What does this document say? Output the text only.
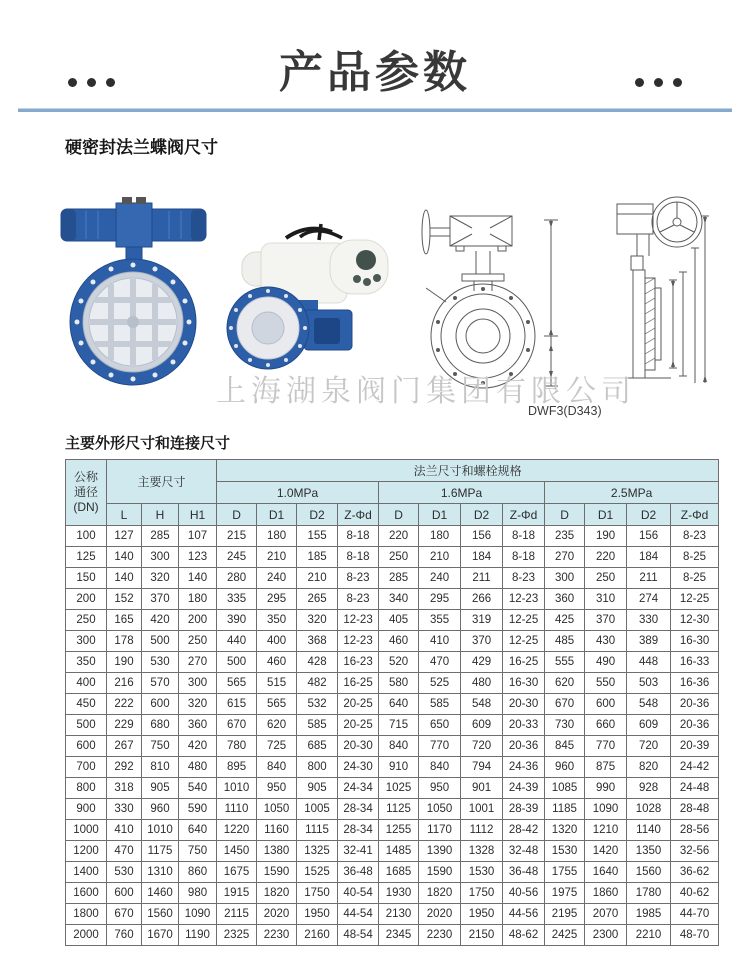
产品参数
硬密封法兰蝶阀尺寸
上海湖泉阀门集团有限公司
DWF3(D343)
主要外形尺寸和连接尺寸
公称
通径
(DN)	主要尺寸			法兰尺寸和螺栓规格											
				1.0MPa				1.6MPa				2.5MPa			
	L	H	H1	D	D1	D2	Z-Φd	D	D1	D2	Z-Φd	D	D1	D2	Z-Φd
100	127	285	107	215	180	155	8-18	220	180	156	8-18	235	190	156	8-23
125	140	300	123	245	210	185	8-18	250	210	184	8-18	270	220	184	8-25
150	140	320	140	280	240	210	8-23	285	240	211	8-23	300	250	211	8-25
200	152	370	180	335	295	265	8-23	340	295	266	12-23	360	310	274	12-25
250	165	420	200	390	350	320	12-23	405	355	319	12-25	425	370	330	12-30
300	178	500	250	440	400	368	12-23	460	410	370	12-25	485	430	389	16-30
350	190	530	270	500	460	428	16-23	520	470	429	16-25	555	490	448	16-33
400	216	570	300	565	515	482	16-25	580	525	480	16-30	620	550	503	16-36
450	222	600	320	615	565	532	20-25	640	585	548	20-30	670	600	548	20-36
500	229	680	360	670	620	585	20-25	715	650	609	20-33	730	660	609	20-36
600	267	750	420	780	725	685	20-30	840	770	720	20-36	845	770	720	20-39
700	292	810	480	895	840	800	24-30	910	840	794	24-36	960	875	820	24-42
800	318	905	540	1010	950	905	24-34	1025	950	901	24-39	1085	990	928	24-48
900	330	960	590	1110	1050	1005	28-34	1125	1050	1001	28-39	1185	1090	1028	28-48
1000	410	1010	640	1220	1160	1115	28-34	1255	1170	1112	28-42	1320	1210	1140	28-56
1200	470	1175	750	1450	1380	1325	32-41	1485	1390	1328	32-48	1530	1420	1350	32-56
1400	530	1310	860	1675	1590	1525	36-48	1685	1590	1530	36-48	1755	1640	1560	36-62
1600	600	1460	980	1915	1820	1750	40-54	1930	1820	1750	40-56	1975	1860	1780	40-62
1800	670	1560	1090	2115	2020	1950	44-54	2130	2020	1950	44-56	2195	2070	1985	44-70
2000	760	1670	1190	2325	2230	2160	48-54	2345	2230	2150	48-62	2425	2300	2210	48-70
